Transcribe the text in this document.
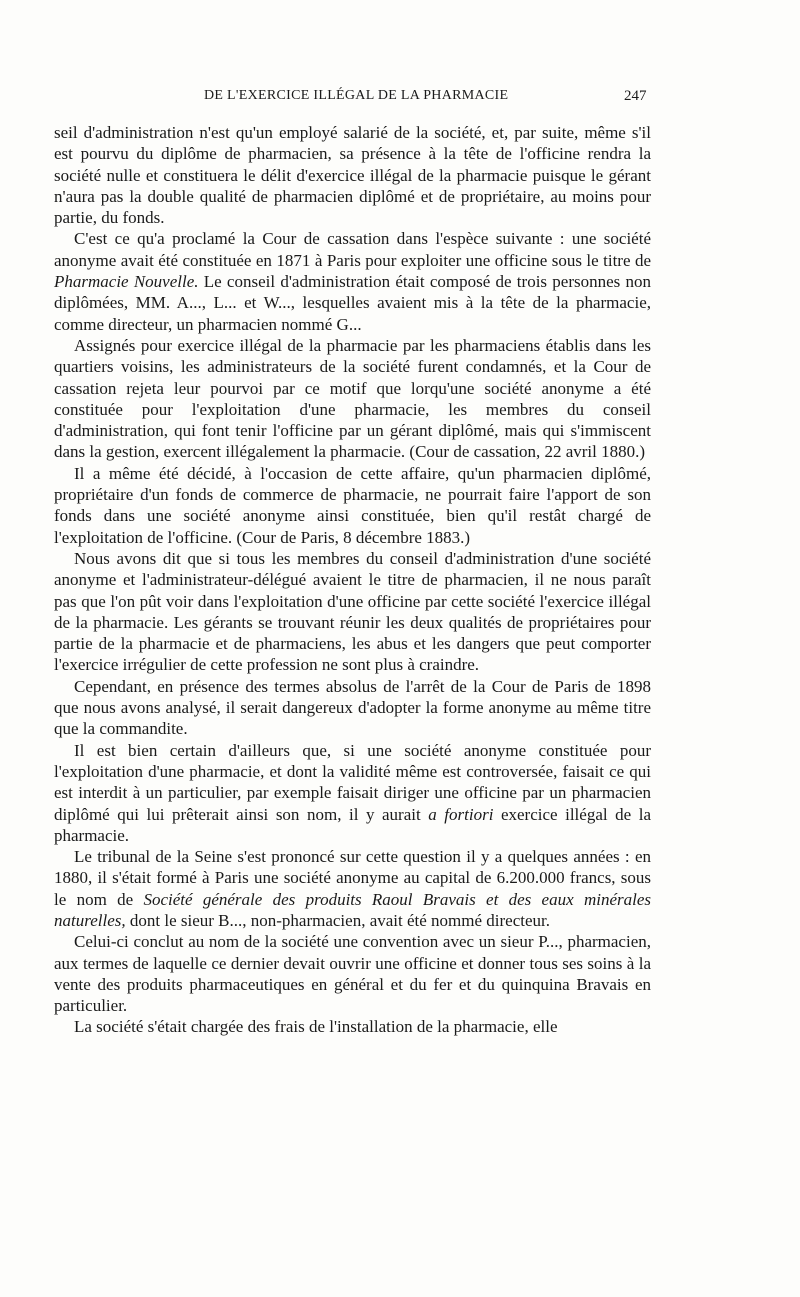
DE L'EXERCICE ILLÉGAL DE LA PHARMACIE	247

seil d'administration n'est qu'un employé salarié de la société, et, par suite, même s'il est pourvu du diplôme de pharmacien, sa présence à la tête de l'officine rendra la société nulle et constituera le délit d'exercice illégal de la pharmacie puisque le gérant n'aura pas la double qualité de pharmacien diplômé et de propriétaire, au moins pour partie, du fonds.

C'est ce qu'a proclamé la Cour de cassation dans l'espèce suivante : une société anonyme avait été constituée en 1871 à Paris pour exploiter une officine sous le titre de Pharmacie Nouvelle. Le conseil d'administration était composé de trois personnes non diplômées, MM. A..., L... et W..., lesquelles avaient mis à la tête de la pharmacie, comme directeur, un pharmacien nommé G...

Assignés pour exercice illégal de la pharmacie par les pharmaciens établis dans les quartiers voisins, les administrateurs de la société furent condamnés, et la Cour de cassation rejeta leur pourvoi par ce motif que lorqu'une société anonyme a été constituée pour l'exploitation d'une pharmacie, les membres du conseil d'administration, qui font tenir l'officine par un gérant diplômé, mais qui s'immiscent dans la gestion, exercent illégalement la pharmacie. (Cour de cassation, 22 avril 1880.)

Il a même été décidé, à l'occasion de cette affaire, qu'un pharmacien diplômé, propriétaire d'un fonds de commerce de pharmacie, ne pourrait faire l'apport de son fonds dans une société anonyme ainsi constituée, bien qu'il restât chargé de l'exploitation de l'officine. (Cour de Paris, 8 décembre 1883.)

Nous avons dit que si tous les membres du conseil d'administration d'une société anonyme et l'administrateur-délégué avaient le titre de pharmacien, il ne nous paraît pas que l'on pût voir dans l'exploitation d'une officine par cette société l'exercice illégal de la pharmacie. Les gérants se trouvant réunir les deux qualités de propriétaires pour partie de la pharmacie et de pharmaciens, les abus et les dangers que peut comporter l'exercice irrégulier de cette profession ne sont plus à craindre.

Cependant, en présence des termes absolus de l'arrêt de la Cour de Paris de 1898 que nous avons analysé, il serait dangereux d'adopter la forme anonyme au même titre que la commandite.

Il est bien certain d'ailleurs que, si une société anonyme constituée pour l'exploitation d'une pharmacie, et dont la validité même est controversée, faisait ce qui est interdit à un particulier, par exemple faisait diriger une officine par un pharmacien diplômé qui lui prêterait ainsi son nom, il y aurait a fortiori exercice illégal de la pharmacie.

Le tribunal de la Seine s'est prononcé sur cette question il y a quelques années : en 1880, il s'était formé à Paris une société anonyme au capital de 6.200.000 francs, sous le nom de Société générale des produits Raoul Bravais et des eaux minérales naturelles, dont le sieur B..., non-pharmacien, avait été nommé directeur.

Celui-ci conclut au nom de la société une convention avec un sieur P..., pharmacien, aux termes de laquelle ce dernier devait ouvrir une officine et donner tous ses soins à la vente des produits pharmaceutiques en général et du fer et du quinquina Bravais en particulier.

La société s'était chargée des frais de l'installation de la pharmacie, elle
